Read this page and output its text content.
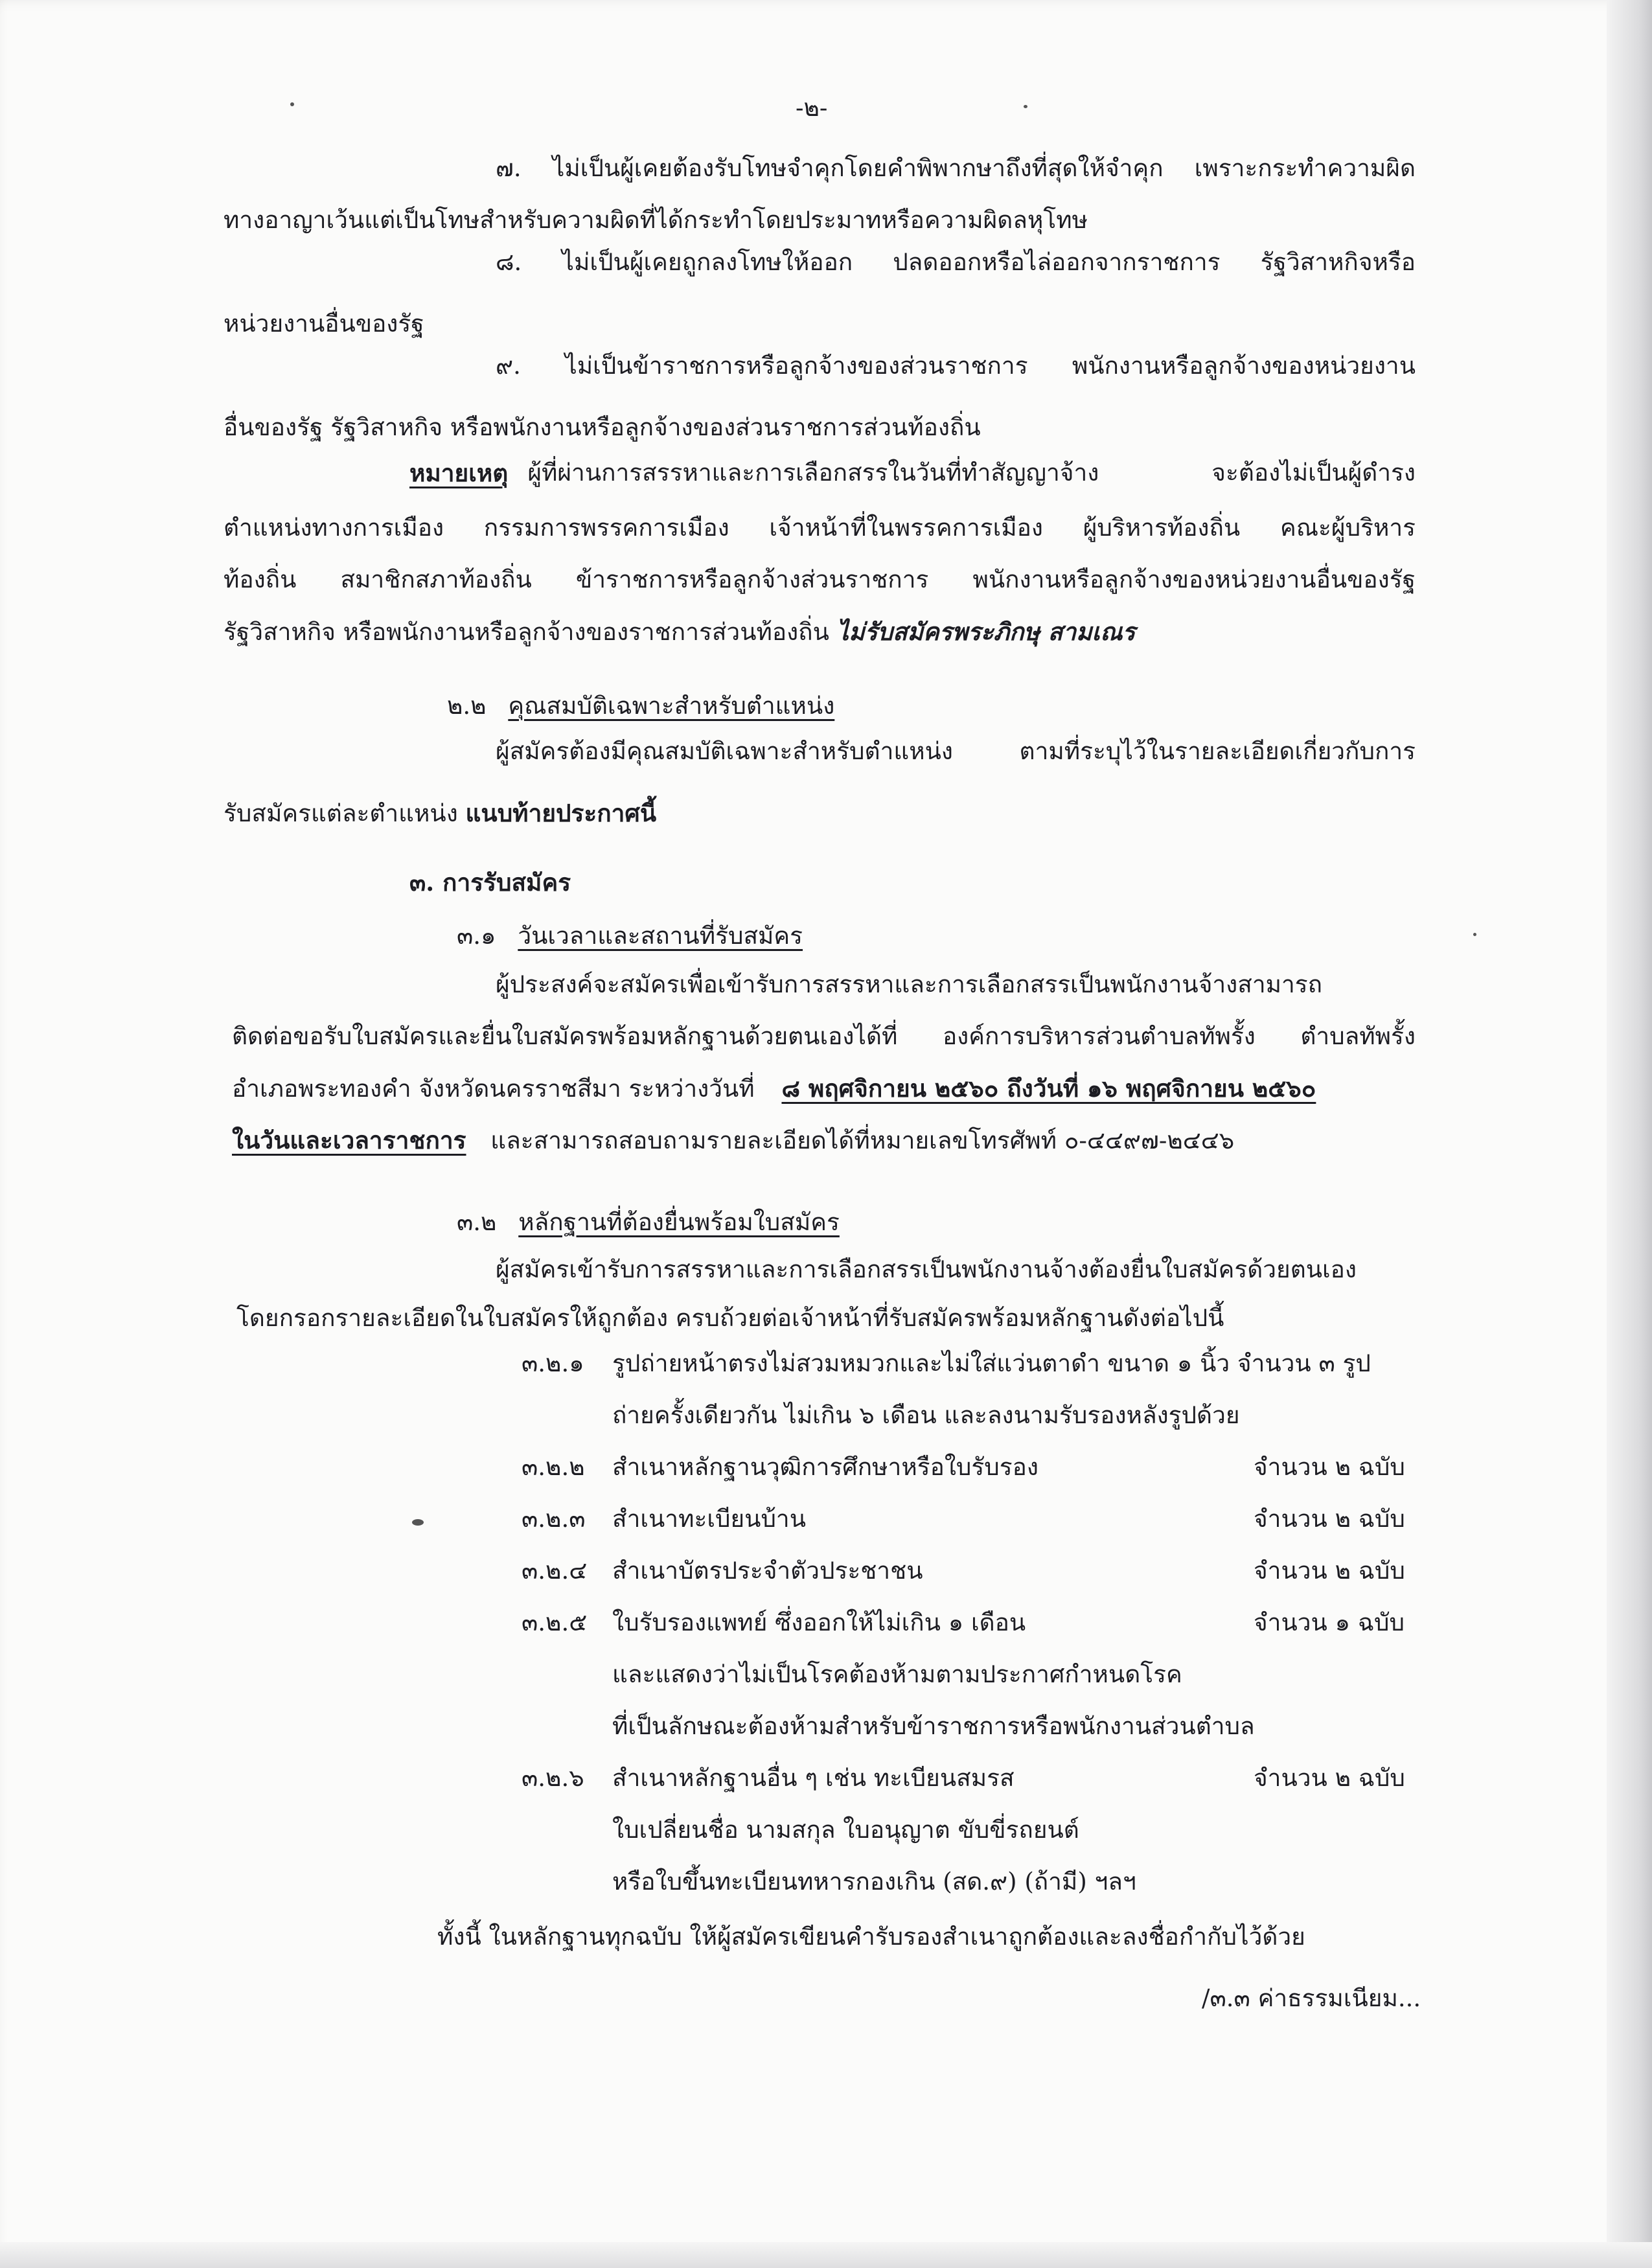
-๒-
๗. ไม่เป็นผู้เคยต้องรับโทษจำคุกโดยคำพิพากษาถึงที่สุดให้จำคุก เพราะกระทำความผิด
ทางอาญาเว้นแต่เป็นโทษสำหรับความผิดที่ได้กระทำโดยประมาทหรือความผิดลหุโทษ
๘. ไม่เป็นผู้เคยถูกลงโทษให้ออก ปลดออกหรือไล่ออกจากราชการ รัฐวิสาหกิจหรือ
หน่วยงานอื่นของรัฐ
๙. ไม่เป็นข้าราชการหรือลูกจ้างของส่วนราชการ พนักงานหรือลูกจ้างของหน่วยงาน
อื่นของรัฐ รัฐวิสาหกิจ หรือพนักงานหรือลูกจ้างของส่วนราชการส่วนท้องถิ่น
หมายเหตุ ผู้ที่ผ่านการสรรหาและการเลือกสรรในวันที่ทำสัญญาจ้าง จะต้องไม่เป็นผู้ดำรง
ตำแหน่งทางการเมือง กรรมการพรรคการเมือง เจ้าหน้าที่ในพรรคการเมือง ผู้บริหารท้องถิ่น คณะผู้บริหาร
ท้องถิ่น สมาชิกสภาท้องถิ่น ข้าราชการหรือลูกจ้างส่วนราชการ พนักงานหรือลูกจ้างของหน่วยงานอื่นของรัฐ
รัฐวิสาหกิจ หรือพนักงานหรือลูกจ้างของราชการส่วนท้องถิ่น ไม่รับสมัครพระภิกษุ สามเณร
๒.๒ คุณสมบัติเฉพาะสำหรับตำแหน่ง
ผู้สมัครต้องมีคุณสมบัติเฉพาะสำหรับตำแหน่ง ตามที่ระบุไว้ในรายละเอียดเกี่ยวกับการ
รับสมัครแต่ละตำแหน่ง แนบท้ายประกาศนี้
๓. การรับสมัคร
๓.๑ วันเวลาและสถานที่รับสมัคร
ผู้ประสงค์จะสมัครเพื่อเข้ารับการสรรหาและการเลือกสรรเป็นพนักงานจ้างสามารถ
ติดต่อขอรับใบสมัครและยื่นใบสมัครพร้อมหลักฐานด้วยตนเองได้ที่ องค์การบริหารส่วนตำบลทัพรั้ง ตำบลทัพรั้ง
อำเภอพระทองคำ จังหวัดนครราชสีมา ระหว่างวันที่ ๘ พฤศจิกายน ๒๕๖๐ ถึงวันที่ ๑๖ พฤศจิกายน ๒๕๖๐
ในวันและเวลาราชการ และสามารถสอบถามรายละเอียดได้ที่หมายเลขโทรศัพท์ ๐-๔๔๙๗-๒๔๔๖
๓.๒ หลักฐานที่ต้องยื่นพร้อมใบสมัคร
ผู้สมัครเข้ารับการสรรหาและการเลือกสรรเป็นพนักงานจ้างต้องยื่นใบสมัครด้วยตนเอง
โดยกรอกรายละเอียดในใบสมัครให้ถูกต้อง ครบถ้วยต่อเจ้าหน้าที่รับสมัครพร้อมหลักฐานดังต่อไปนี้
๓.๒.๑ รูปถ่ายหน้าตรงไม่สวมหมวกและไม่ใส่แว่นตาดำ ขนาด ๑ นิ้ว จำนวน ๓ รูป
ถ่ายครั้งเดียวกัน ไม่เกิน ๖ เดือน และลงนามรับรองหลังรูปด้วย
๓.๒.๒ สำเนาหลักฐานวุฒิการศึกษาหรือใบรับรอง	จำนวน ๒ ฉบับ
๓.๒.๓ สำเนาทะเบียนบ้าน	จำนวน ๒ ฉบับ
๓.๒.๔ สำเนาบัตรประจำตัวประชาชน	จำนวน ๒ ฉบับ
๓.๒.๕ ใบรับรองแพทย์ ซึ่งออกให้ไม่เกิน ๑ เดือน	จำนวน ๑ ฉบับ
และแสดงว่าไม่เป็นโรคต้องห้ามตามประกาศกำหนดโรค
ที่เป็นลักษณะต้องห้ามสำหรับข้าราชการหรือพนักงานส่วนตำบล
๓.๒.๖ สำเนาหลักฐานอื่น ๆ เช่น ทะเบียนสมรส	จำนวน ๒ ฉบับ
ใบเปลี่ยนชื่อ นามสกุล ใบอนุญาต ขับขี่รถยนต์
หรือใบขึ้นทะเบียนทหารกองเกิน (สด.๙) (ถ้ามี) ฯลฯ
ทั้งนี้ ในหลักฐานทุกฉบับ ให้ผู้สมัครเขียนคำรับรองสำเนาถูกต้องและลงชื่อกำกับไว้ด้วย
/๓.๓ ค่าธรรมเนียม...
